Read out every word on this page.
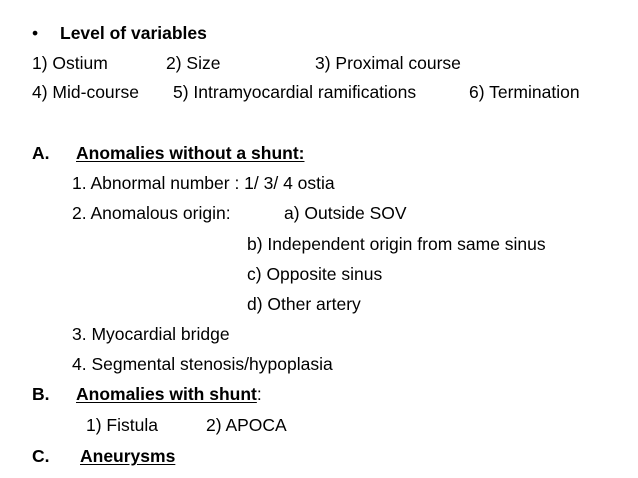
• Level of variables
1) Ostium	2) Size	3) Proximal course
4) Mid-course 5) Intramyocardial ramifications	6) Termination
A. Anomalies without a shunt:
1. Abnormal number : 1/ 3/ 4 ostia
2. Anomalous origin:	a) Outside SOV
b) Independent origin from same sinus
c) Opposite sinus
d) Other artery
3. Myocardial bridge
4. Segmental stenosis/hypoplasia
B. Anomalies with shunt:
1) Fistula	2) APOCA
C. Aneurysms
